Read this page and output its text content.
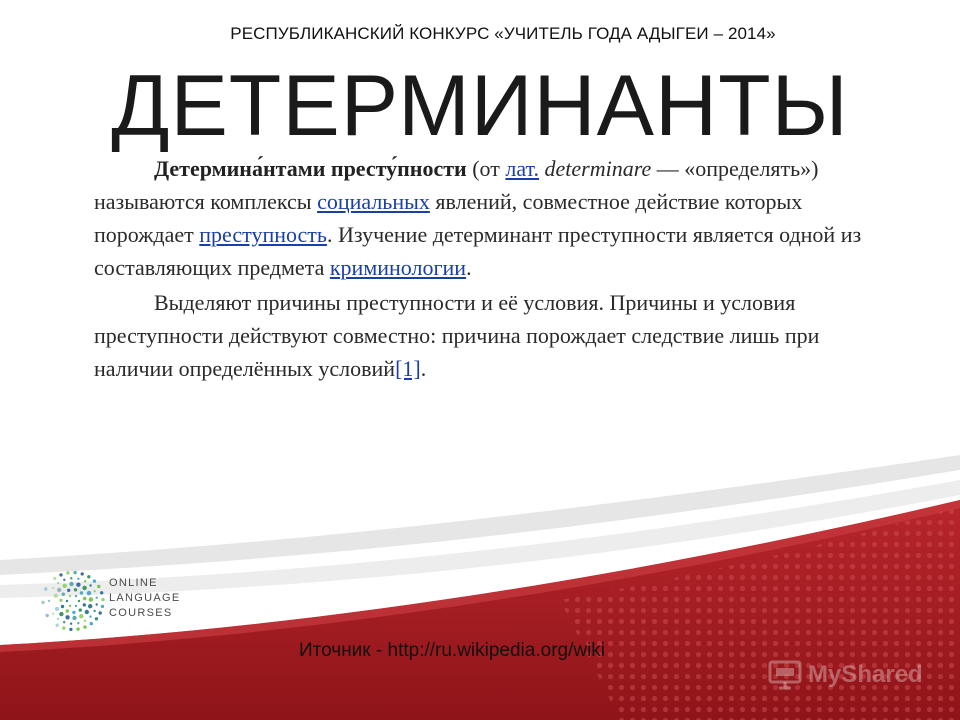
РЕСПУБЛИКАНСКИЙ КОНКУРС «УЧИТЕЛЬ ГОДА АДЫГЕИ – 2014»
ДЕТЕРМИНАНТЫ

Детермина́нтами престу́пности (от лат. determinare — «определять») называются комплексы социальных явлений, совместное действие которых порождает преступность. Изучение детерминант преступности является одной из составляющих предмета криминологии.

Выделяют причины преступности и её условия. Причины и условия преступности действуют совместно: причина порождает следствие лишь при наличии определённых условий[1].

ONLINE
LANGUAGE
COURSES
Иточник - http://ru.wikipedia.org/wiki
MyShared
